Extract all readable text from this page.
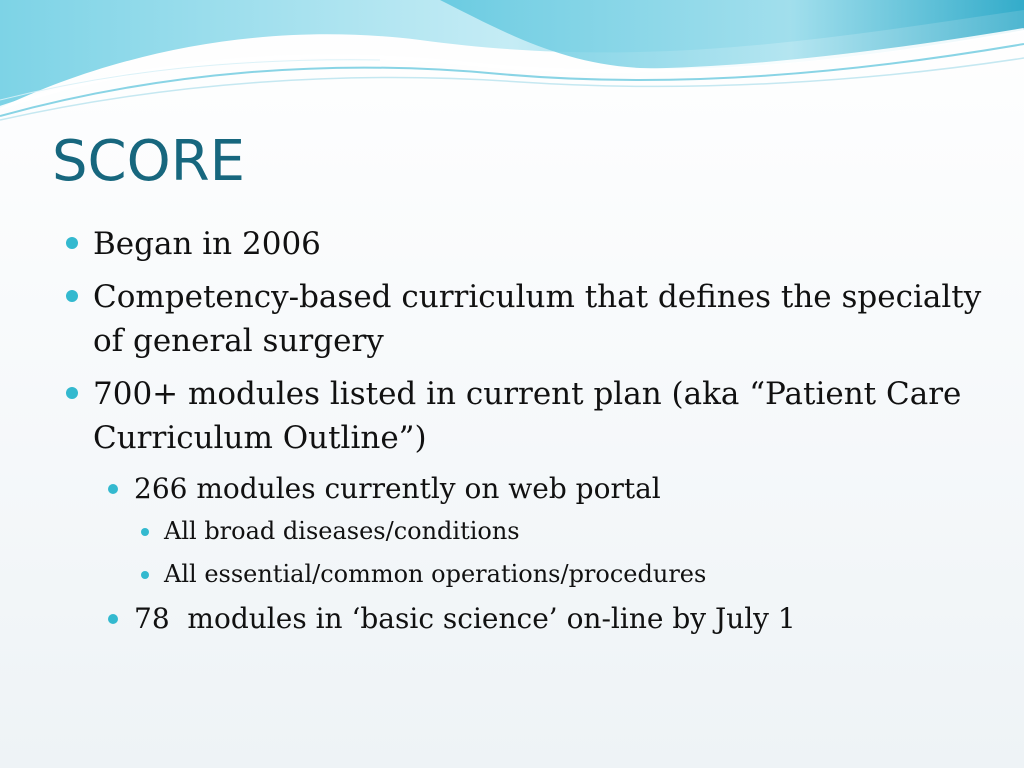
SCORE
Began in 2006
Competency-based curriculum that defines the specialty of general surgery
700+ modules listed in current plan (aka “Patient Care Curriculum Outline”)
266 modules currently on web portal
All broad diseases/conditions
All essential/common operations/procedures
78  modules in ‘basic science’ on-line by July 1
